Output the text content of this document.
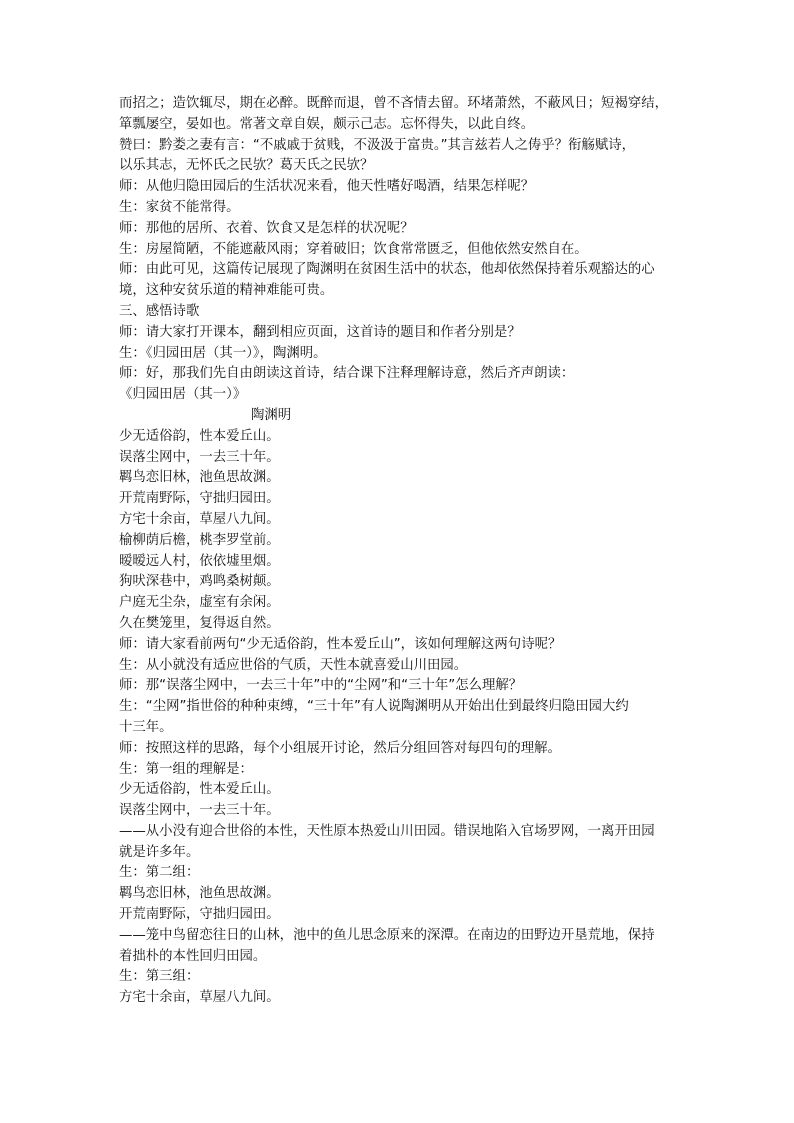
而招之；造饮辄尽，期在必醉。既醉而退，曾不吝情去留。环堵萧然，不蔽风日；短褐穿结，
箪瓢屡空，晏如也。常著文章自娱，颇示己志。忘怀得失，以此自终。
赞曰：黔娄之妻有言：“不戚戚于贫贱，不汲汲于富贵。”其言兹若人之俦乎？衔觞赋诗，
以乐其志，无怀氏之民欤？葛天氏之民欤？
师：从他归隐田园后的生活状况来看，他天性嗜好喝酒，结果怎样呢？
生：家贫不能常得。
师：那他的居所、衣着、饮食又是怎样的状况呢？
生：房屋简陋，不能遮蔽风雨；穿着破旧；饮食常常匮乏，但他依然安然自在。
师：由此可见，这篇传记展现了陶渊明在贫困生活中的状态，他却依然保持着乐观豁达的心
境，这种安贫乐道的精神难能可贵。
三、感悟诗歌
师：请大家打开课本，翻到相应页面，这首诗的题目和作者分别是？
生：《归园田居（其一）》，陶渊明。
师：好，那我们先自由朗读这首诗，结合课下注释理解诗意，然后齐声朗读：
《归园田居（其一）》
陶渊明
少无适俗韵，性本爱丘山。
误落尘网中，一去三十年。
羁鸟恋旧林，池鱼思故渊。
开荒南野际，守拙归园田。
方宅十余亩，草屋八九间。
榆柳荫后檐，桃李罗堂前。
暧暧远人村，依依墟里烟。
狗吠深巷中，鸡鸣桑树颠。
户庭无尘杂，虚室有余闲。
久在樊笼里，复得返自然。
师：请大家看前两句“少无适俗韵，性本爱丘山”，该如何理解这两句诗呢？
生：从小就没有适应世俗的气质，天性本就喜爱山川田园。
师：那“误落尘网中，一去三十年”中的“尘网”和“三十年”怎么理解？
生：“尘网”指世俗的种种束缚，“三十年”有人说陶渊明从开始出仕到最终归隐田园大约
十三年。
师：按照这样的思路，每个小组展开讨论，然后分组回答对每四句的理解。
生：第一组的理解是：
少无适俗韵，性本爱丘山。
误落尘网中，一去三十年。
——从小没有迎合世俗的本性，天性原本热爱山川田园。错误地陷入官场罗网，一离开田园
就是许多年。
生：第二组：
羁鸟恋旧林，池鱼思故渊。
开荒南野际，守拙归园田。
——笼中鸟留恋往日的山林，池中的鱼儿思念原来的深潭。在南边的田野边开垦荒地，保持
着拙朴的本性回归田园。
生：第三组：
方宅十余亩，草屋八九间。
